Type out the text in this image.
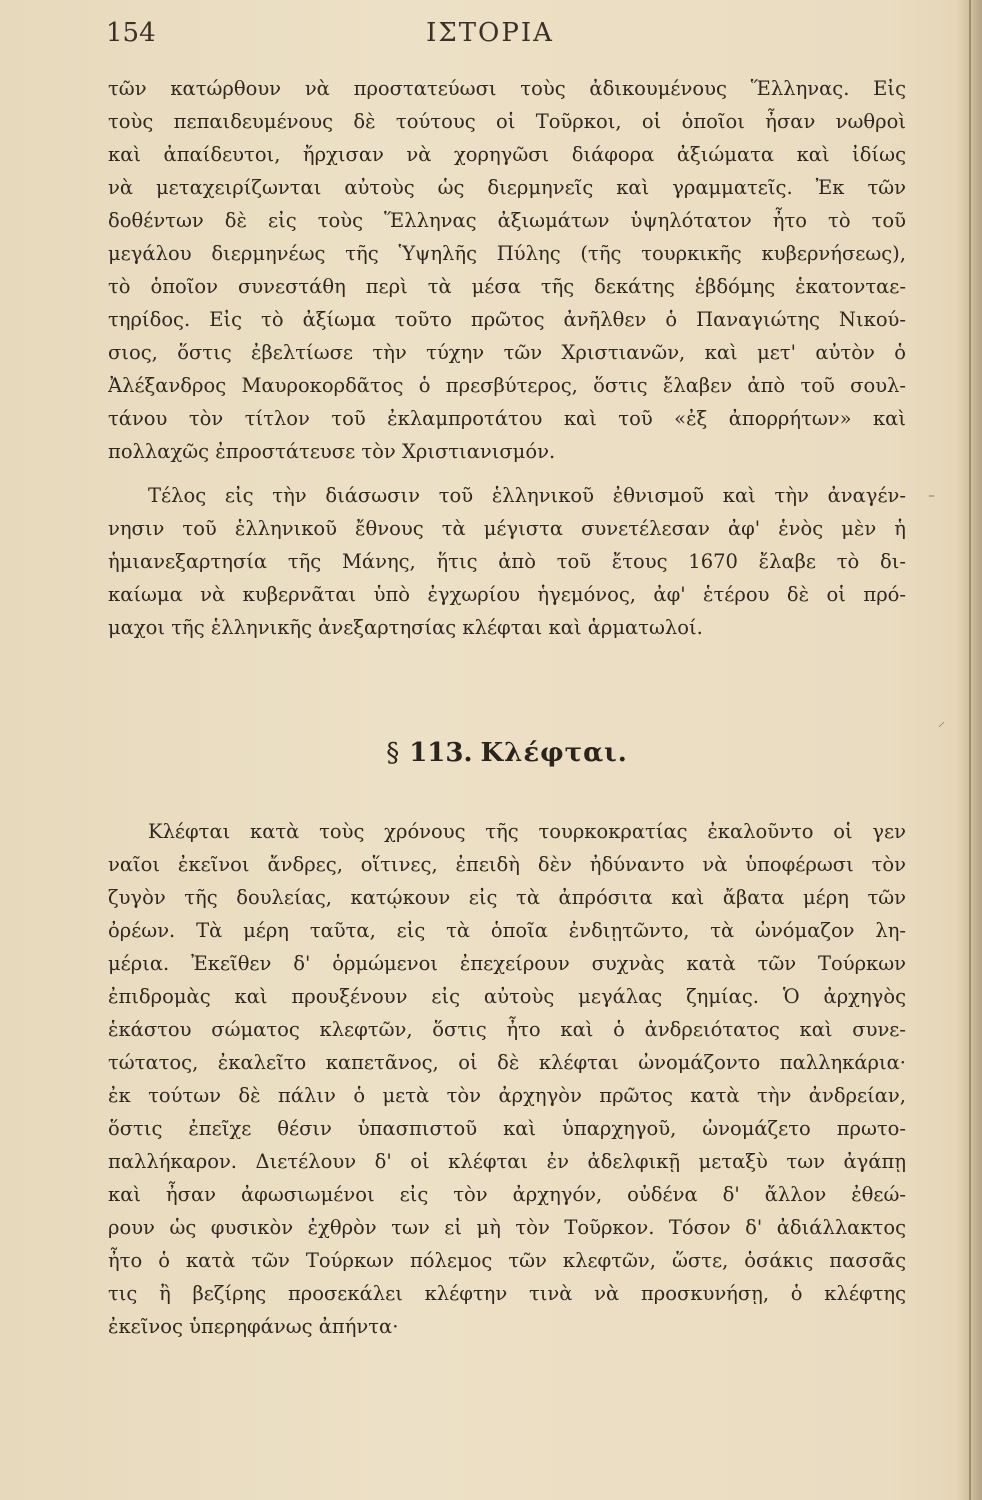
154	ΙΣΤΟΡΙΑ
τῶν κατώρθουν νὰ προστατεύωσι τοὺς ἀδικουμένους Ἕλληνας. Εἰς
τοὺς πεπαιδευμένους δὲ τούτους οἱ Τοῦρκοι, οἱ ὁποῖοι ἦσαν νωθροὶ
καὶ ἀπαίδευτοι, ἤρχισαν νὰ χορηγῶσι διάφορα ἀξιώματα καὶ ἰδίως
νὰ μεταχειρίζωνται αὐτοὺς ὡς διερμηνεῖς καὶ γραμματεῖς. Ἐκ τῶν
δοθέντων δὲ εἰς τοὺς Ἕλληνας ἀξιωμάτων ὑψηλότατον ἦτο τὸ τοῦ
μεγάλου διερμηνέως τῆς Ὑψηλῆς Πύλης (τῆς τουρκικῆς κυβερνήσεως),
τὸ ὁποῖον συνεστάθη περὶ τὰ μέσα τῆς δεκάτης ἑβδόμης ἑκατονταε-
τηρίδος. Εἰς τὸ ἀξίωμα τοῦτο πρῶτος ἀνῆλθεν ὁ Παναγιώτης Νικού-
σιος, ὅστις ἐβελτίωσε τὴν τύχην τῶν Χριστιανῶν, καὶ μετ' αὐτὸν ὁ
Ἀλέξανδρος Μαυροκορδᾶτος ὁ πρεσβύτερος, ὅστις ἔλαβεν ἀπὸ τοῦ σουλ-
τάνου τὸν τίτλον τοῦ ἐκλαμπροτάτου καὶ τοῦ «ἐξ ἀπορρήτων» καὶ
πολλαχῶς ἐπροστάτευσε τὸν Χριστιανισμόν.
Τέλος εἰς τὴν διάσωσιν τοῦ ἑλληνικοῦ ἐθνισμοῦ καὶ τὴν ἀναγέν-
νησιν τοῦ ἑλληνικοῦ ἔθνους τὰ μέγιστα συνετέλεσαν ἀφ' ἑνὸς μὲν ἡ
ἡμιανεξαρτησία τῆς Μάνης, ἥτις ἀπὸ τοῦ ἔτους 1670 ἔλαβε τὸ δι-
καίωμα νὰ κυβερνᾶται ὑπὸ ἐγχωρίου ἡγεμόνος, ἀφ' ἑτέρου δὲ οἱ πρό-
μαχοι τῆς ἑλληνικῆς ἀνεξαρτησίας κλέφται καὶ ἁρματωλοί.
§ 113. Κλέφται.
Κλέφται κατὰ τοὺς χρόνους τῆς τουρκοκρατίας ἐκαλοῦντο οἱ γεν
ναῖοι ἐκεῖνοι ἄνδρες, οἵτινες, ἐπειδὴ δὲν ἠδύναντο νὰ ὑποφέρωσι τὸν
ζυγὸν τῆς δουλείας, κατῴκουν εἰς τὰ ἀπρόσιτα καὶ ἄβατα μέρη τῶν
ὀρέων. Τὰ μέρη ταῦτα, εἰς τὰ ὁποῖα ἐνδιῃτῶντο, τὰ ὠνόμαζον λη-
μέρια. Ἐκεῖθεν δ' ὁρμώμενοι ἐπεχείρουν συχνὰς κατὰ τῶν Τούρκων
ἐπιδρομὰς καὶ προυξένουν εἰς αὐτοὺς μεγάλας ζημίας. Ὁ ἀρχηγὸς
ἑκάστου σώματος κλεφτῶν, ὅστις ἦτο καὶ ὁ ἀνδρειότατος καὶ συνε-
τώτατος, ἐκαλεῖτο καπετᾶνος, οἱ δὲ κλέφται ὠνομάζοντο παλληκάρια·
ἐκ τούτων δὲ πάλιν ὁ μετὰ τὸν ἀρχηγὸν πρῶτος κατὰ τὴν ἀνδρείαν,
ὅστις ἐπεῖχε θέσιν ὑπασπιστοῦ καὶ ὑπαρχηγοῦ, ὠνομάζετο πρωτο-
παλλήκαρον. Διετέλουν δ' οἱ κλέφται ἐν ἀδελφικῇ μεταξὺ των ἀγάπῃ
καὶ ἦσαν ἀφωσιωμένοι εἰς τὸν ἀρχηγόν, οὐδένα δ' ἄλλον ἐθεώ-
ρουν ὡς φυσικὸν ἐχθρὸν των εἰ μὴ τὸν Τοῦρκον. Τόσον δ' ἀδιάλλακτος
ἦτο ὁ κατὰ τῶν Τούρκων πόλεμος τῶν κλεφτῶν, ὥστε, ὁσάκις πασσᾶς
τις ἢ βεζίρης προσεκάλει κλέφτην τινὰ νὰ προσκυνήσῃ, ὁ κλέφτης
ἐκεῖνος ὑπερηφάνως ἀπήντα·
–
⸝
